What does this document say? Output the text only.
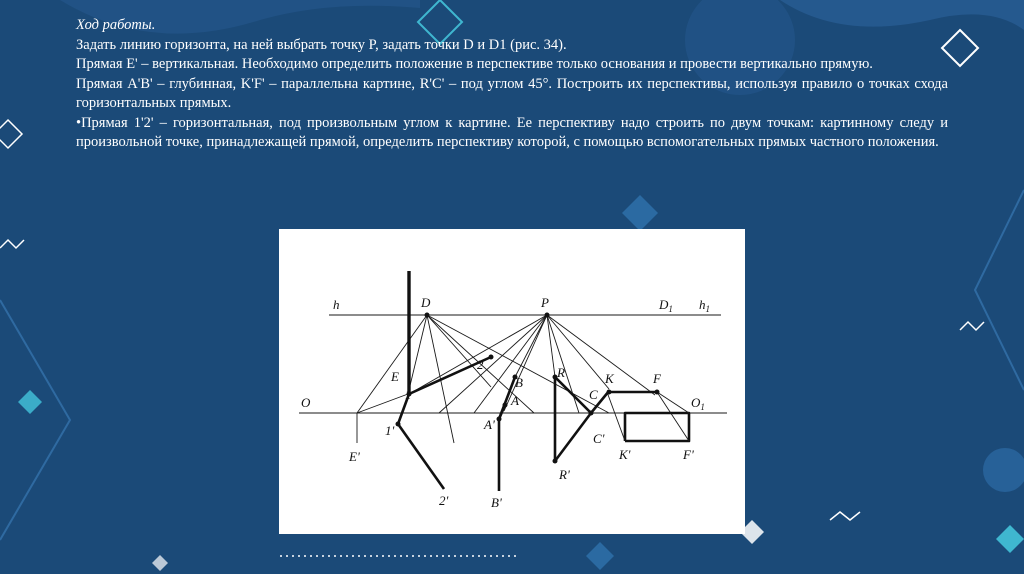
Ход работы.

Задать линию горизонта, на ней выбрать точку P, задать точки D и D1 (рис. 34).

Прямая E' – вертикальная. Необходимо определить положение в перспективе только основания и провести вертикально прямую.

Прямая A'B' – глубинная, K'F' – параллельна картине, R'C' – под углом 45°. Построить их перспективы, используя правило о точках схода горизонтальных прямых.

•Прямая 1'2' – горизонтальная, под произвольным углом к картине. Ее перспективу надо строить по двум точкам: картинному следу и произвольной точке, принадлежащей прямой, определить перспективу которой, с помощью вспомогательных прямых частного положения.

h	D	P	$D_1$ $h_1$
O	$O_1$
E
E'
1
1'
2
2'
B
A
A'
B'
R
R'
C
C'
K
K'
F
F'
